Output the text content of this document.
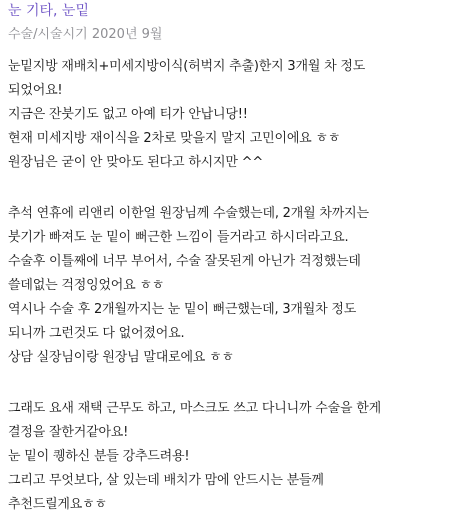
눈 기타, 눈밑
수술/시술시기 2020년 9월
눈밑지방 재배치+미세지방이식(허벅지 추출)한지 3개월 차 정도
되었어요!
지금은 잔붓기도 없고 아예 티가 안납니당!!
현재 미세지방 재이식을 2차로 맞을지 말지 고민이에요 ㅎㅎ
원장님은 굳이 안 맞아도 된다고 하시지만 ^^
추석 연휴에 리앤리 이한얼 원장님께 수술했는데, 2개월 차까지는
붓기가 빠져도 눈 밑이 뻐근한 느낌이 들거라고 하시더라고요.
수술후 이틀째에 너무 부어서, 수술 잘못된게 아닌가 걱정했는데
쓸데없는 걱정잉었어요 ㅎㅎ
역시나 수술 후 2개월까지는 눈 밑이 뻐근했는데, 3개월차 정도
되니까 그런것도 다 없어졌어요.
상담 실장님이랑 원장님 말대로에요 ㅎㅎ
그래도 요새 재택 근무도 하고, 마스크도 쓰고 다니니까 수술을 한게
결정을 잘한거같아요!
눈 밑이 퀭하신 분들 강추드려용!
그리고 무엇보다, 살 있는데 배치가 맘에 안드시는 분들께
추천드릴게요ㅎㅎ
